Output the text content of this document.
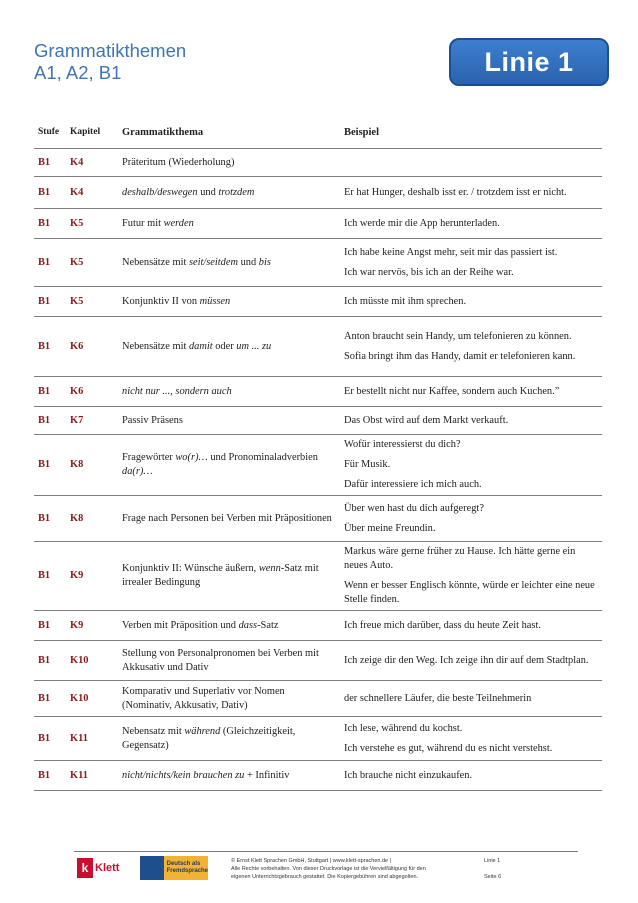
Grammatikthemen
A1, A2, B1	Linie 1
Stufe	Kapitel	Grammatikthema	Beispiel
B1	K4	Präteritum (Wiederholung)	
B1	K4	deshalb/deswegen und trotzdem	Er hat Hunger, deshalb isst er. / trotzdem isst er nicht.

B1	K5	Futur mit werden	Ich werde mir die App herunterladen.

B1	K5	Nebensätze mit seit/seitdem und bis	Ich habe keine Angst mehr, seit mir das passiert ist.

Ich war nervös, bis ich an der Reihe war.

B1	K5	Konjunktiv II von müssen	Ich müsste mit ihm sprechen.

B1	K6	Nebensätze mit damit oder um ... zu	Anton braucht sein Handy, um telefonieren zu können.

Sofia bringt ihm das Handy, damit er telefonieren kann.

B1	K6	nicht nur ..., sondern auch	Er bestellt nicht nur Kaffee, sondern auch Kuchen.”

B1	K7	Passiv Präsens	Das Obst wird auf dem Markt verkauft.

B1	K8	Fragewörter wo(r)… und Pronominaladverbien da(r)…	Wofür interessierst du dich?

Für Musik.

Dafür interessiere ich mich auch.

B1	K8	Frage nach Personen bei Verben mit Präpositionen	Über wen hast du dich aufgeregt?

Über meine Freundin.

B1	K9	Konjunktiv II: Wünsche äußern, wenn-Satz mit irrealer Bedingung	Markus wäre gerne früher zu Hause. Ich hätte gerne ein neues Auto.

Wenn er besser Englisch könnte, würde er leichter eine neue Stelle finden.

B1	K9	Verben mit Präposition und dass-Satz	Ich freue mich darüber, dass du heute Zeit hast.

B1	K10	Stellung von Personalpronomen bei Verben mit Akkusativ und Dativ	Ich zeige dir den Weg. Ich zeige ihn dir auf dem Stadtplan.

B1	K10	Komparativ und Superlativ vor Nomen (Nominativ, Akkusativ, Dativ)	der schnellere Läufer, die beste Teilnehmerin

B1	K11	Nebensatz mit während (Gleichzeitigkeit, Gegensatz)	Ich lese, während du kochst.

Ich verstehe es gut, während du es nicht verstehst.

B1	K11	nicht/nichts/kein brauchen zu + Infinitiv	Ich brauche nicht einzukaufen.

k Klett	Deutsch als
Fremdsprache
© Ernst Klett Sprachen GmbH, Stuttgart | www.klett-sprachen.de |
Alle Rechte vorbehalten. Von dieser Druckvorlage ist die Vervielfältigung für den
eigenen Unterrichtsgebrauch gestattet. Die Kopiergebühren sind abgegolten.
Linie 1
Seite 6
